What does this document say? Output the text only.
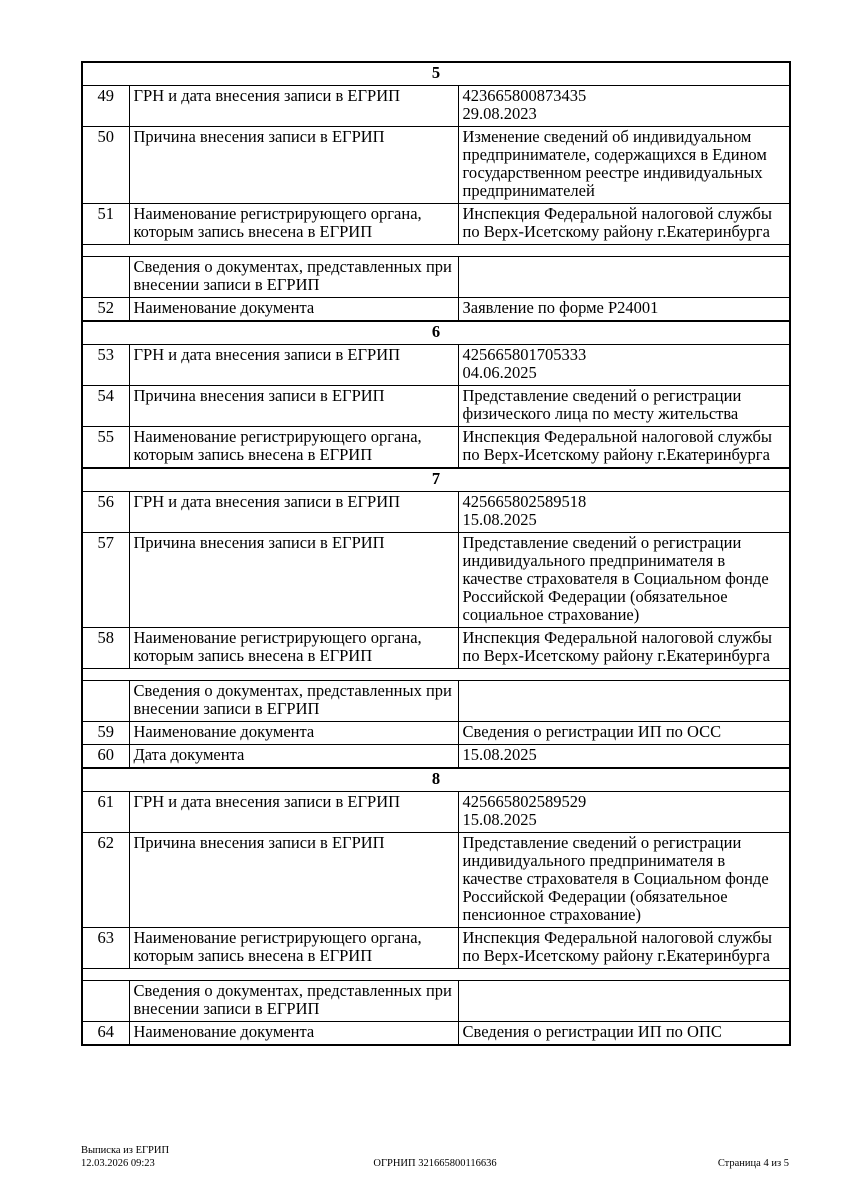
5		
49	ГРН и дата внесения записи в ЕГРИП	423665800873435
29.08.2023

50	Причина внесения записи в ЕГРИП	Изменение сведений об индивидуальном
предпринимателе, содержащихся в Едином
государственном реестре индивидуальных
предпринимателей

51	Наименование регистрирующего органа, которым запись внесена в ЕГРИП	Инспекция Федеральной налоговой службы
по Верх-Исетскому району г.Екатеринбурга

	Сведения о документах, представленных при внесении записи в ЕГРИП	
52	Наименование документа	Заявление по форме Р24001

6		
53	ГРН и дата внесения записи в ЕГРИП	425665801705333
04.06.2025

54	Причина внесения записи в ЕГРИП	Представление сведений о регистрации
физического лица по месту жительства

55	Наименование регистрирующего органа, которым запись внесена в ЕГРИП	Инспекция Федеральной налоговой службы
по Верх-Исетскому району г.Екатеринбурга

7		
56	ГРН и дата внесения записи в ЕГРИП	425665802589518
15.08.2025

57	Причина внесения записи в ЕГРИП	Представление сведений о регистрации
индивидуального предпринимателя в
качестве страхователя в Социальном фонде
Российской Федерации (обязательное
социальное страхование)

58	Наименование регистрирующего органа, которым запись внесена в ЕГРИП	Инспекция Федеральной налоговой службы
по Верх-Исетскому району г.Екатеринбурга

	Сведения о документах, представленных при внесении записи в ЕГРИП	
59	Наименование документа	Сведения о регистрации ИП по ОСС

60	Дата документа	15.08.2025

8		
61	ГРН и дата внесения записи в ЕГРИП	425665802589529
15.08.2025

62	Причина внесения записи в ЕГРИП	Представление сведений о регистрации
индивидуального предпринимателя в
качестве страхователя в Социальном фонде
Российской Федерации (обязательное
пенсионное страхование)

63	Наименование регистрирующего органа, которым запись внесена в ЕГРИП	Инспекция Федеральной налоговой службы
по Верх-Исетскому району г.Екатеринбурга

	Сведения о документах, представленных при внесении записи в ЕГРИП	
64	Наименование документа	Сведения о регистрации ИП по ОПС
Выписка из ЕГРИП
12.03.2026 09:23	ОГРНИП 321665800116636	Страница 4 из 5
